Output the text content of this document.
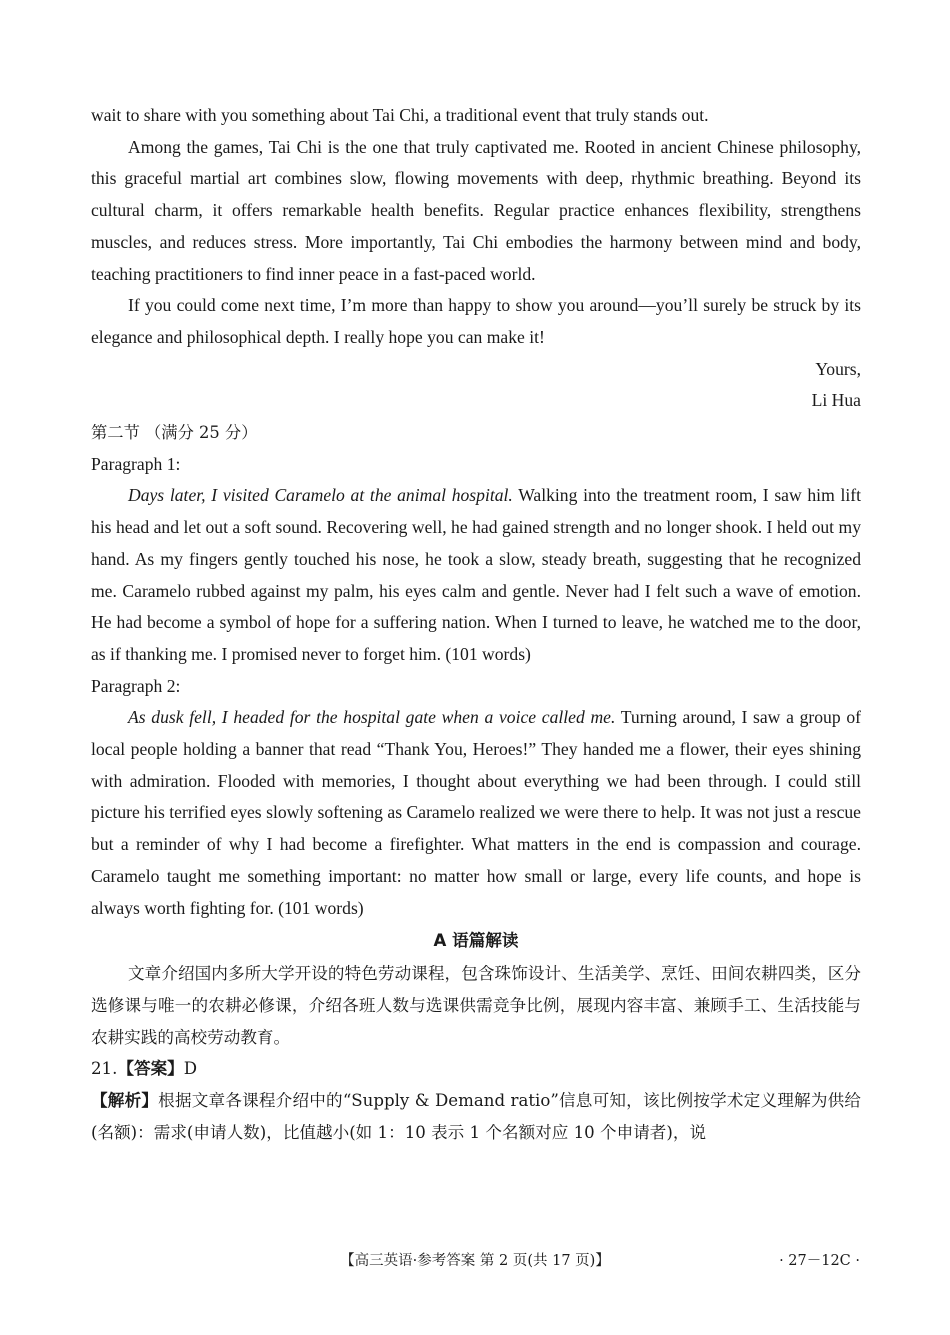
wait to share with you something about Tai Chi, a traditional event that truly stands out.

Among the games, Tai Chi is the one that truly captivated me. Rooted in ancient Chinese philosophy, this graceful martial art combines slow, flowing movements with deep, rhythmic breathing. Beyond its cultural charm, it offers remarkable health benefits. Regular practice enhances flexibility, strengthens muscles, and reduces stress. More importantly, Tai Chi embodies the harmony between mind and body, teaching practitioners to find inner peace in a fast-paced world.

If you could come next time, I’m more than happy to show you around—you’ll surely be struck by its elegance and philosophical depth. I really hope you can make it!

Yours,

Li Hua

第二节 （满分 25 分）

Paragraph 1:

Days later, I visited Caramelo at the animal hospital. Walking into the treatment room, I saw him lift his head and let out a soft sound. Recovering well, he had gained strength and no longer shook. I held out my hand. As my fingers gently touched his nose, he took a slow, steady breath, suggesting that he recognized me. Caramelo rubbed against my palm, his eyes calm and gentle. Never had I felt such a wave of emotion. He had become a symbol of hope for a suffering nation. When I turned to leave, he watched me to the door, as if thanking me. I promised never to forget him. (101 words)

Paragraph 2:

As dusk fell, I headed for the hospital gate when a voice called me. Turning around, I saw a group of local people holding a banner that read “Thank You, Heroes!” They handed me a flower, their eyes shining with admiration. Flooded with memories, I thought about everything we had been through. I could still picture his terrified eyes slowly softening as Caramelo realized we were there to help. It was not just a rescue but a reminder of why I had become a firefighter. What matters in the end is compassion and courage. Caramelo taught me something important: no matter how small or large, every life counts, and hope is always worth fighting for. (101 words)

A 语篇解读

文章介绍国内多所大学开设的特色劳动课程，包含珠饰设计、生活美学、烹饪、田间农耕四类，区分选修课与唯一的农耕必修课，介绍各班人数与选课供需竞争比例，展现内容丰富、兼顾手工、生活技能与农耕实践的高校劳动教育。

21.【答案】D

【解析】根据文章各课程介绍中的“Supply & Demand ratio”信息可知，该比例按学术定义理解为供给(名额)：需求(申请人数)，比值越小(如 1：10 表示 1 个名额对应 10 个申请者)，说

【高三英语·参考答案 第 2 页(共 17 页)】	· 27－12C ·
